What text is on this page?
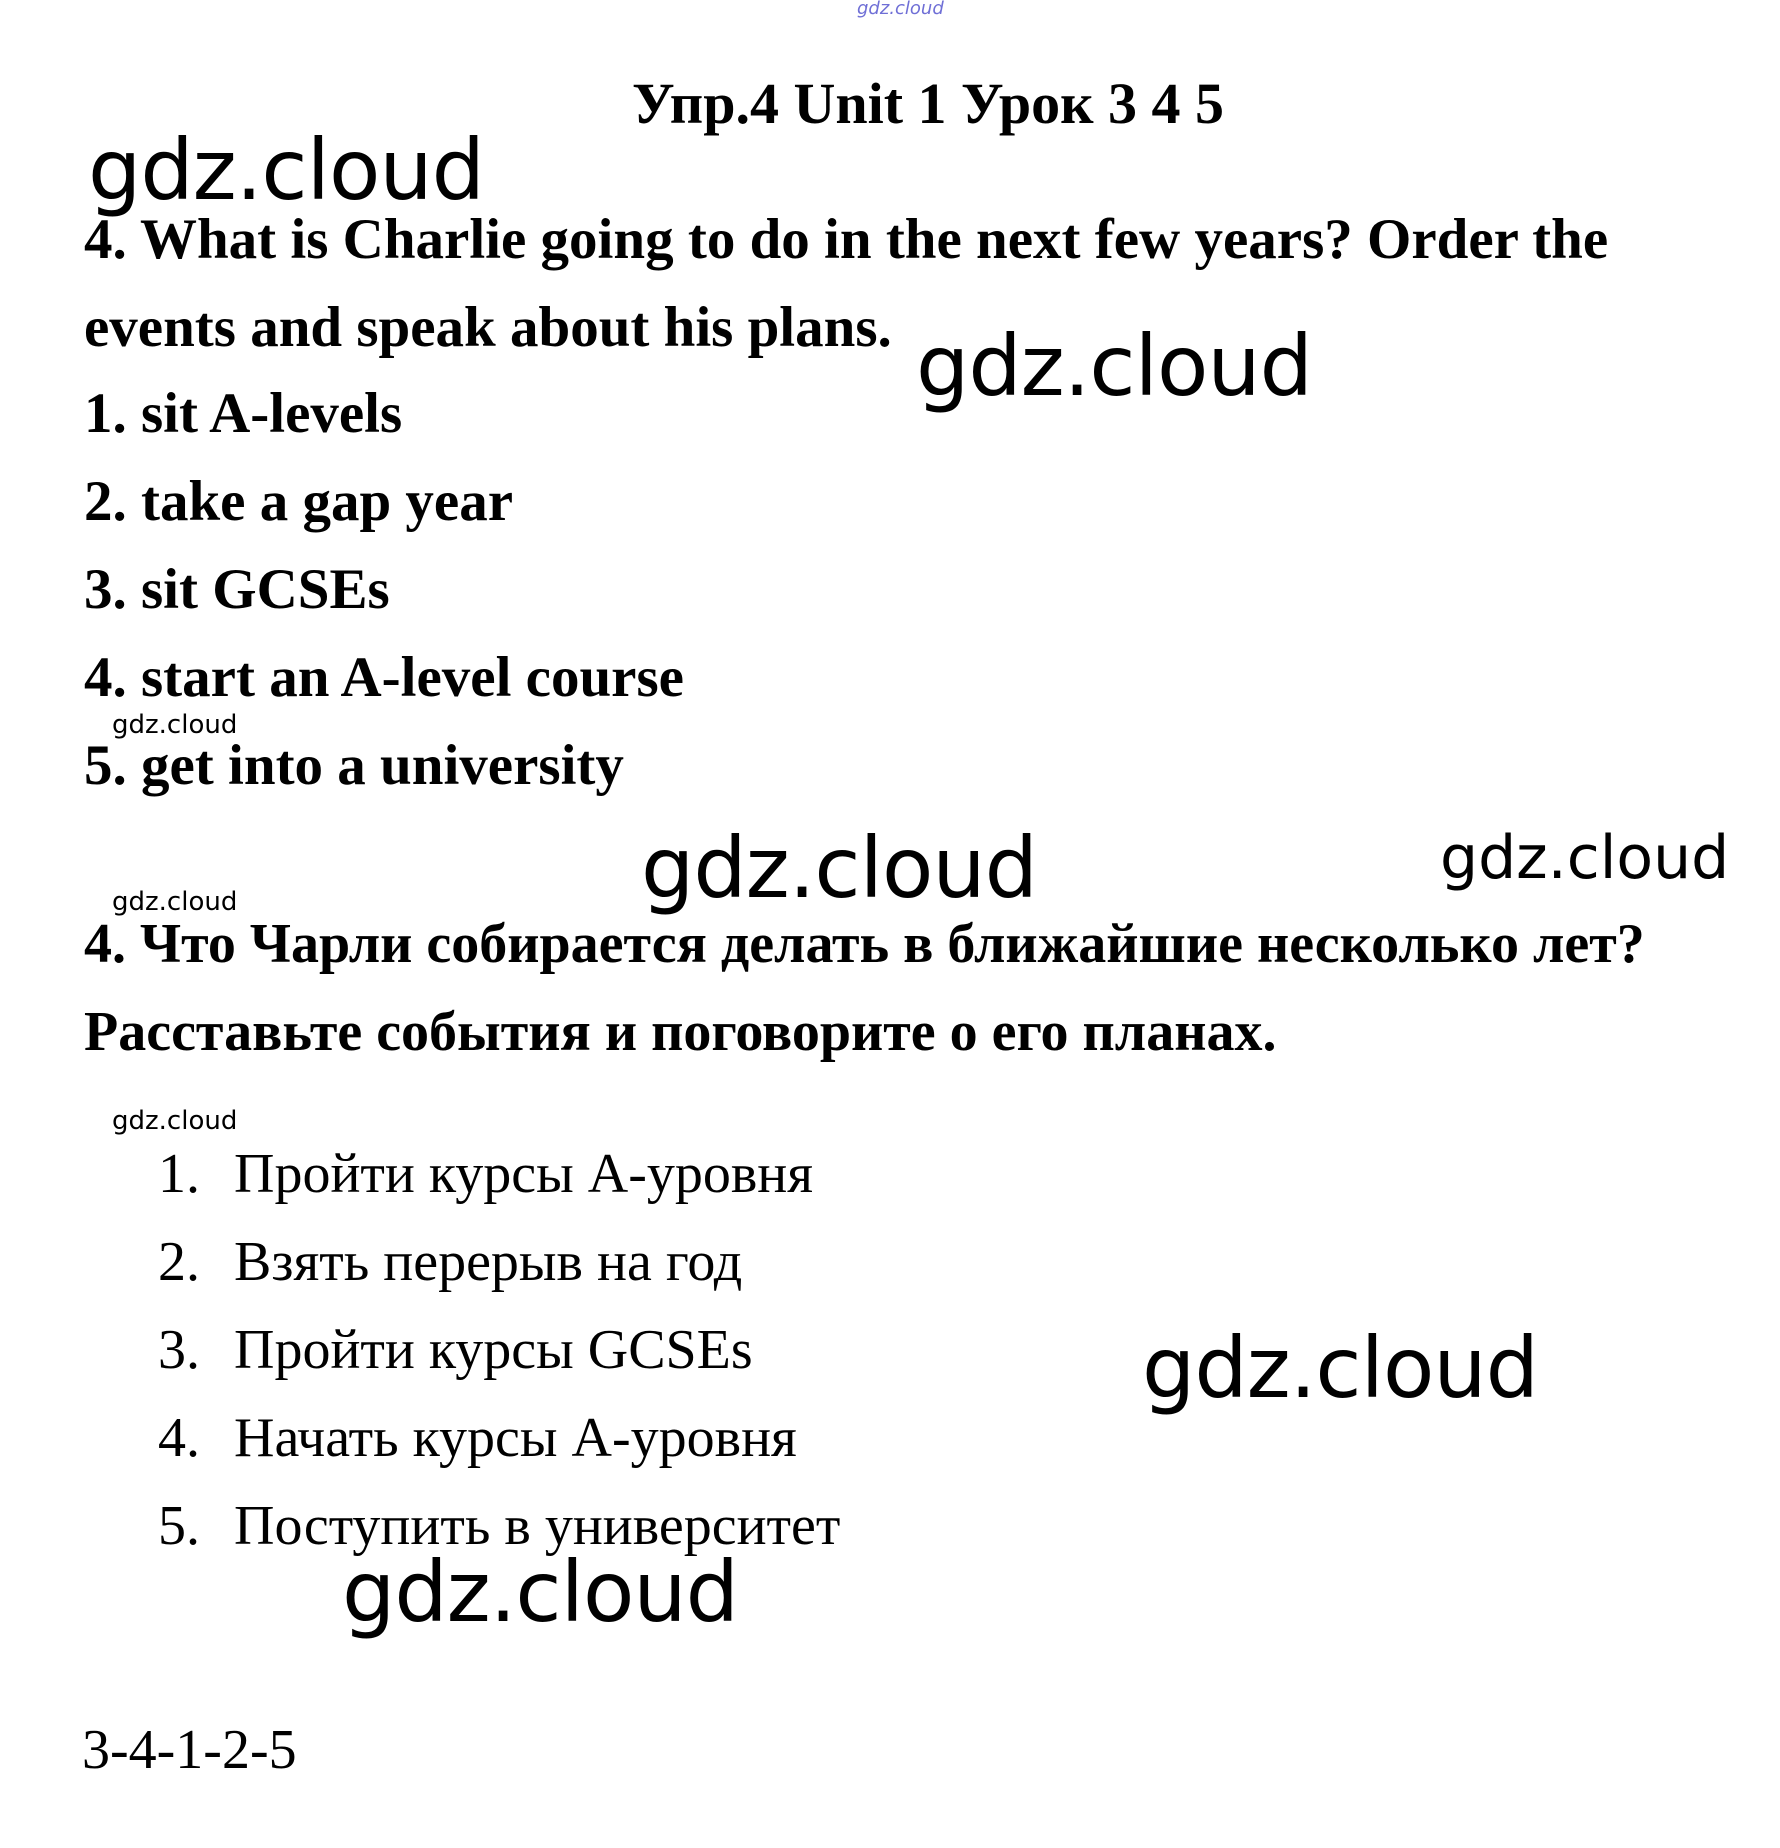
gdz.cloud
Упр.4 Unit 1 Урок 3 4 5
gdz.cloud

4. What is Charlie going to do in the next few years? Order the events and speak about his plans. gdz.cloud
1. sit A-levels
2. take a gap year
3. sit GCSEs
4. start an A-level course
5. get into a university
gdz.cloud
gdz.cloud	gdz.cloud
gdz.cloud

4. Что Чарли собирается делать в ближайшие несколько лет? Расставьте события и поговорите о его планах.

gdz.cloud
1. Пройти курсы А-уровня
2. Взять перерыв на год
3. Пройти курсы GCSEs
4. Начать курсы А-уровня
5. Поступить в университет
gdz.cloud
gdz.cloud
3-4-1-2-5
